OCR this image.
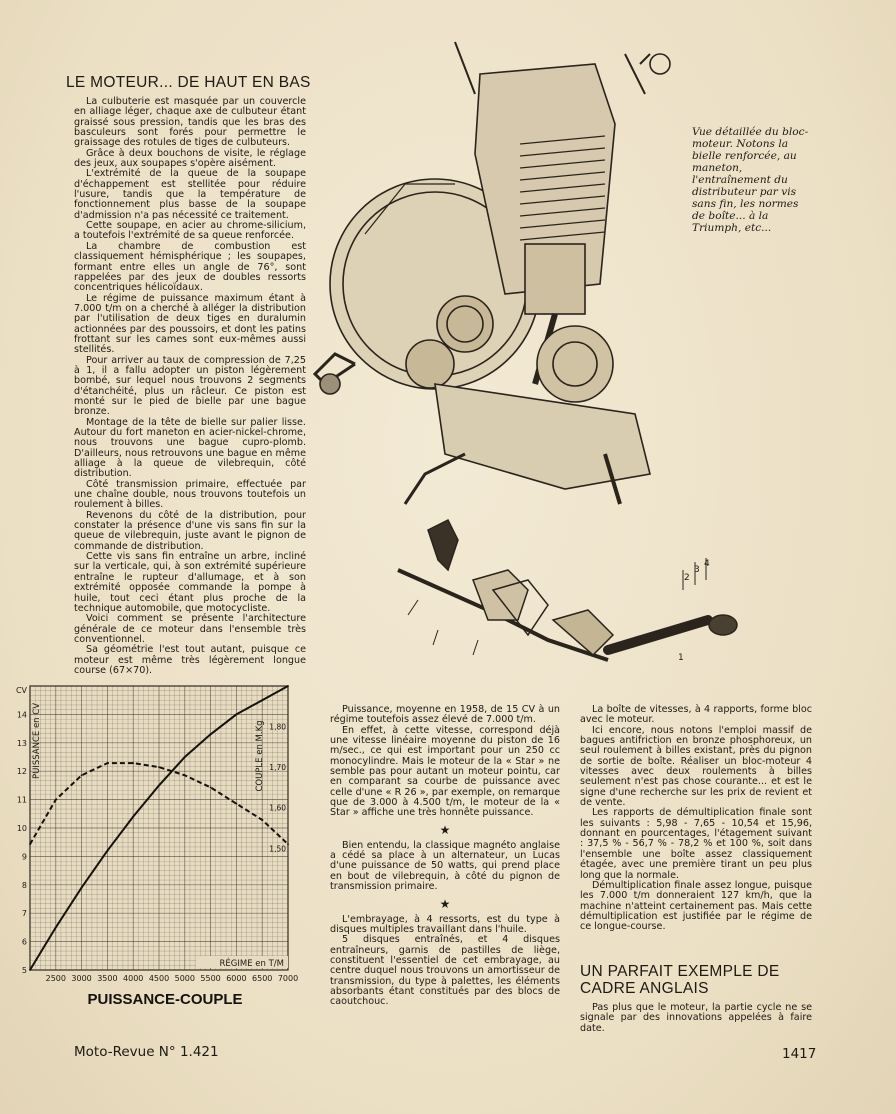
LE MOTEUR... DE HAUT EN BAS

La culbuterie est masquée par un couvercle en alliage léger, chaque axe de culbuteur étant graissé sous pression, tandis que les bras des basculeurs sont forés pour permettre le graissage des rotules de tiges de culbuteurs.

Grâce à deux bouchons de visite, le réglage des jeux, aux soupapes s'opère aisément.

L'extrémité de la queue de la soupape d'échappement est stellitée pour réduire l'usure, tandis que la température de fonctionnement plus basse de la soupape d'admission n'a pas nécessité ce traitement.

Cette soupape, en acier au chrome-silicium, a toutefois l'extrémité de sa queue renforcée.

La chambre de combustion est classiquement hémisphérique ; les soupapes, formant entre elles un angle de 76°, sont rappelées par des jeux de doubles ressorts concentriques hélicoïdaux.

Le régime de puissance maximum étant à 7.000 t/m on a cherché à alléger la distribution par l'utilisation de deux tiges en duralumin actionnées par des poussoirs, et dont les patins frottant sur les cames sont eux-mêmes aussi stellités.

Pour arriver au taux de compression de 7,25 à 1, il a fallu adopter un piston légèrement bombé, sur lequel nous trouvons 2 segments d'étanchéité, plus un râcleur. Ce piston est monté sur le pied de bielle par une bague bronze.

Montage de la tête de bielle sur palier lisse. Autour du fort maneton en acier-nickel-chrome, nous trouvons une bague cupro-plomb. D'ailleurs, nous retrouvons une bague en même alliage à la queue de vilebrequin, côté distribution.

Côté transmission primaire, effectuée par une chaîne double, nous trouvons toutefois un roulement à billes.

Revenons du côté de la distribution, pour constater la présence d'une vis sans fin sur la queue de vilebrequin, juste avant le pignon de commande de distribution.

Cette vis sans fin entraîne un arbre, incliné sur la verticale, qui, à son extrémité supérieure entraîne le rupteur d'allumage, et à son extrémité opposée commande la pompe à huile, tout ceci étant plus proche de la technique automobile, que motocycliste.

Voici comment se présente l'architecture générale de ce moteur dans l'ensemble très conventionnel.

Sa géométrie l'est tout autant, puisque ce moteur est même très légèrement longue course (67×70).

Vue détaillée du bloc-moteur. Notons la bielle renforcée, au maneton, l'entraînement du distributeur par vis sans fin, les normes de boîte... à la Triumph, etc...

1
2
3
4
2500 3000 3500 4000 4500 5000 5500 6000 6500 7000
5
6
7
8
9
10
11
12
13
14
CV
1,50
1,60
1,70
1,80
PUISSANCE en CV	COUPLE en M.Kg
RÉGIME en T/M
PUISSANCE-COUPLE

Puissance, moyenne en 1958, de 15 CV à un régime toutefois assez élevé de 7.000 t/m.

En effet, à cette vitesse, correspond déjà une vitesse linéaire moyenne du piston de 16 m/sec., ce qui est important pour un 250 cc monocylindre. Mais le moteur de la « Star » ne semble pas pour autant un moteur pointu, car en comparant sa courbe de puissance avec celle d'une « R 26 », par exemple, on remarque que de 3.000 à 4.500 t/m, le moteur de la « Star » affiche une très honnête puissance.

★

Bien entendu, la classique magnéto anglaise a cédé sa place à un alternateur, un Lucas d'une puissance de 50 watts, qui prend place en bout de vilebrequin, à côté du pignon de transmission primaire.

★

L'embrayage, à 4 ressorts, est du type à disques multiples travaillant dans l'huile.

5 disques entraînés, et 4 disques entraîneurs, garnis de pastilles de liège, constituent l'essentiel de cet embrayage, au centre duquel nous trouvons un amortisseur de transmission, du type à palettes, les éléments absorbants étant constitués par des blocs de caoutchouc.

La boîte de vitesses, à 4 rapports, forme bloc avec le moteur.

Ici encore, nous notons l'emploi massif de bagues antifriction en bronze phosphoreux, un seul roulement à billes existant, près du pignon de sortie de boîte. Réaliser un bloc-moteur 4 vitesses avec deux roulements à billes seulement n'est pas chose courante... et est le signe d'une recherche sur les prix de revient et de vente.

Les rapports de démultiplication finale sont les suivants : 5,98 - 7,65 - 10,54 et 15,96, donnant en pourcentages, l'étagement suivant : 37,5 % - 56,7 % - 78,2 % et 100 %, soit dans l'ensemble une boîte assez classiquement étagée, avec une première tirant un peu plus long que la normale.

Démultiplication finale assez longue, puisque les 7.000 t/m donneraient 127 km/h, que la machine n'atteint certainement pas. Mais cette démultiplication est justifiée par le régime de ce longue-course.

UN PARFAIT EXEMPLE DE CADRE ANGLAIS

Pas plus que le moteur, la partie cycle ne se signale par des innovations appelées à faire date.

Moto-Revue N° 1.421	1417
